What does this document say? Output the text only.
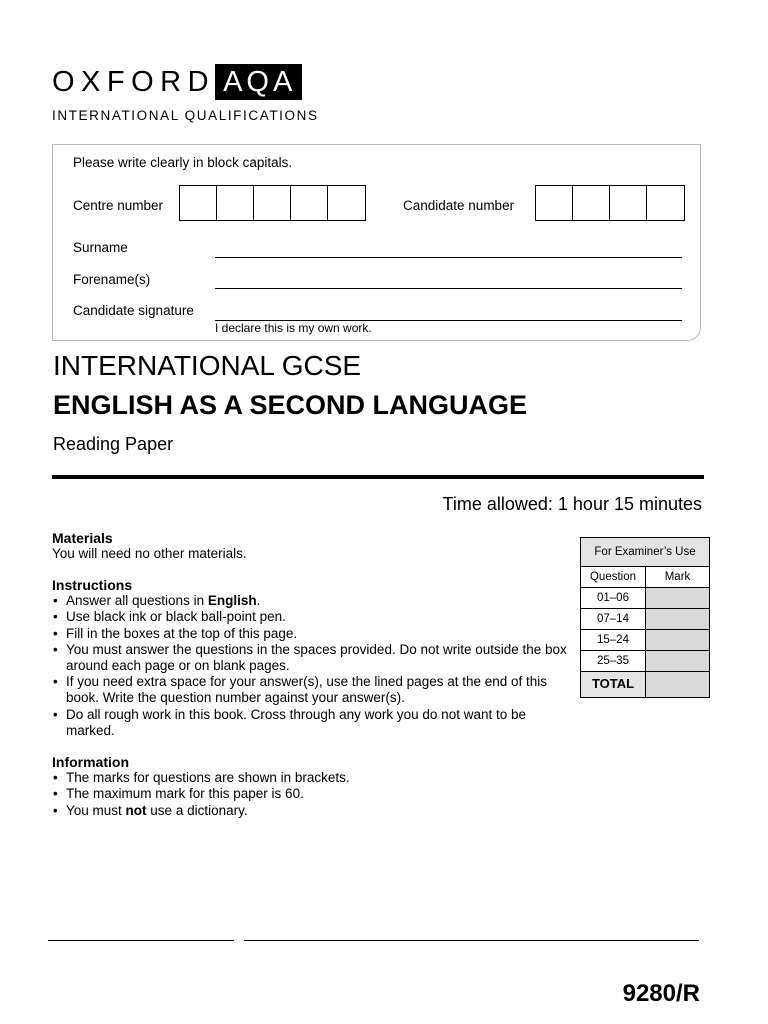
OXFORD AQA
INTERNATIONAL QUALIFICATIONS
Please write clearly in block capitals.
Centre number	Candidate number
Surname
Forename(s)
Candidate signature
I declare this is my own work.
INTERNATIONAL GCSE
ENGLISH AS A SECOND LANGUAGE
Reading Paper
Time allowed: 1 hour 15 minutes
Materials
You will need no other materials.
Instructions
• Answer all questions in English.
• Use black ink or black ball-point pen.
• Fill in the boxes at the top of this page.
• You must answer the questions in the spaces provided. Do not write outside the box around each page or on blank pages.
• If you need extra space for your answer(s), use the lined pages at the end of this book. Write the question number against your answer(s).
• Do all rough work in this book. Cross through any work you do not want to be marked.
Information
• The marks for questions are shown in brackets.
• The maximum mark for this paper is 60.
• You must not use a dictionary.
For Examiner’s Use
Question	Mark
01–06
07–14
15–24
25–35
TOTAL
9280/R
